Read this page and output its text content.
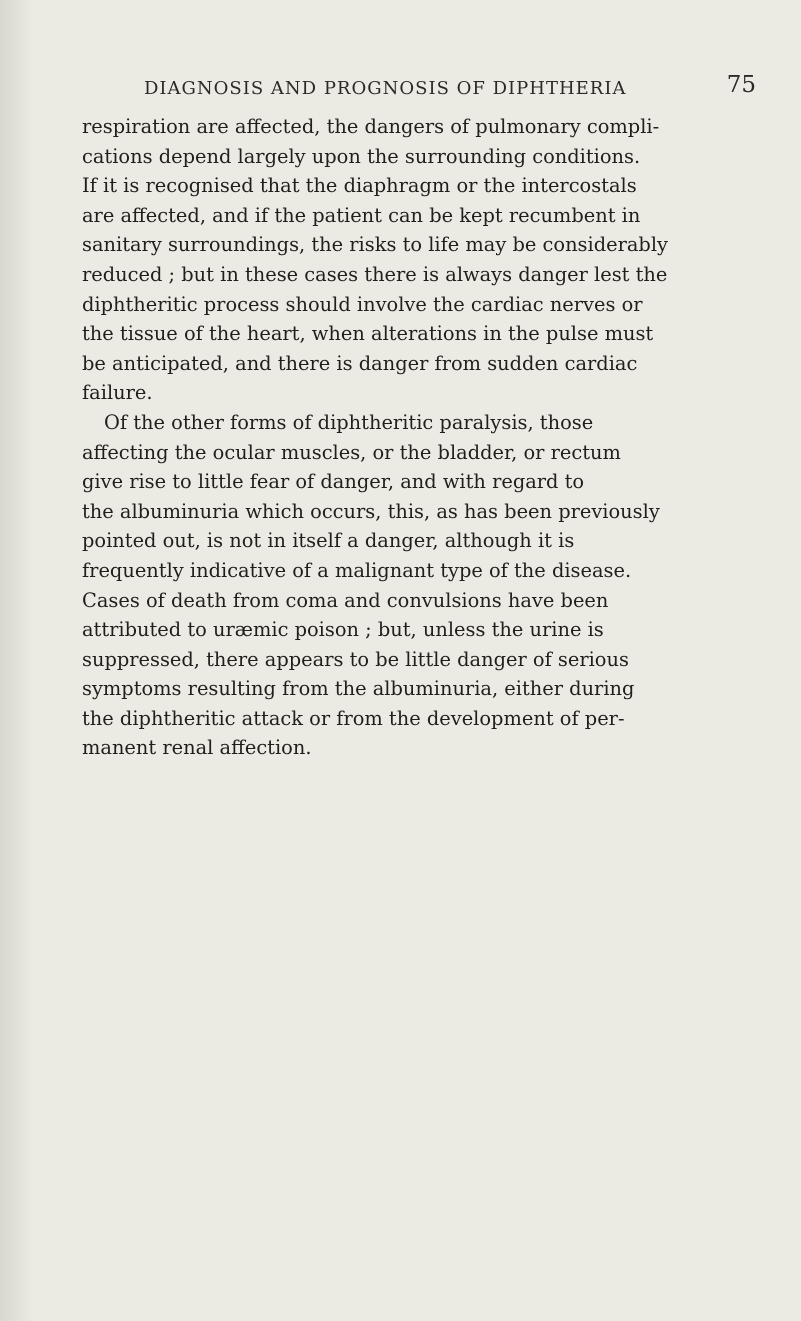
DIAGNOSIS AND PROGNOSIS OF DIPHTHERIA	75

respiration are affected, the dangers of pulmonary compli-
cations depend largely upon the surrounding conditions.
If it is recognised that the diaphragm or the intercostals
are affected, and if the patient can be kept recumbent in
sanitary surroundings, the risks to life may be considerably
reduced ; but in these cases there is always danger lest the
diphtheritic process should involve the cardiac nerves or
the tissue of the heart, when alterations in the pulse must
be anticipated, and there is danger from sudden cardiac
failure.

Of the other forms of diphtheritic paralysis, those
affecting the ocular muscles, or the bladder, or rectum
give rise to little fear of danger, and with regard to
the albuminuria which occurs, this, as has been previously
pointed out, is not in itself a danger, although it is
frequently indicative of a malignant type of the disease.
Cases of death from coma and convulsions have been
attributed to uræmic poison ; but, unless the urine is
suppressed, there appears to be little danger of serious
symptoms resulting from the albuminuria, either during
the diphtheritic attack or from the development of per-
manent renal affection.
